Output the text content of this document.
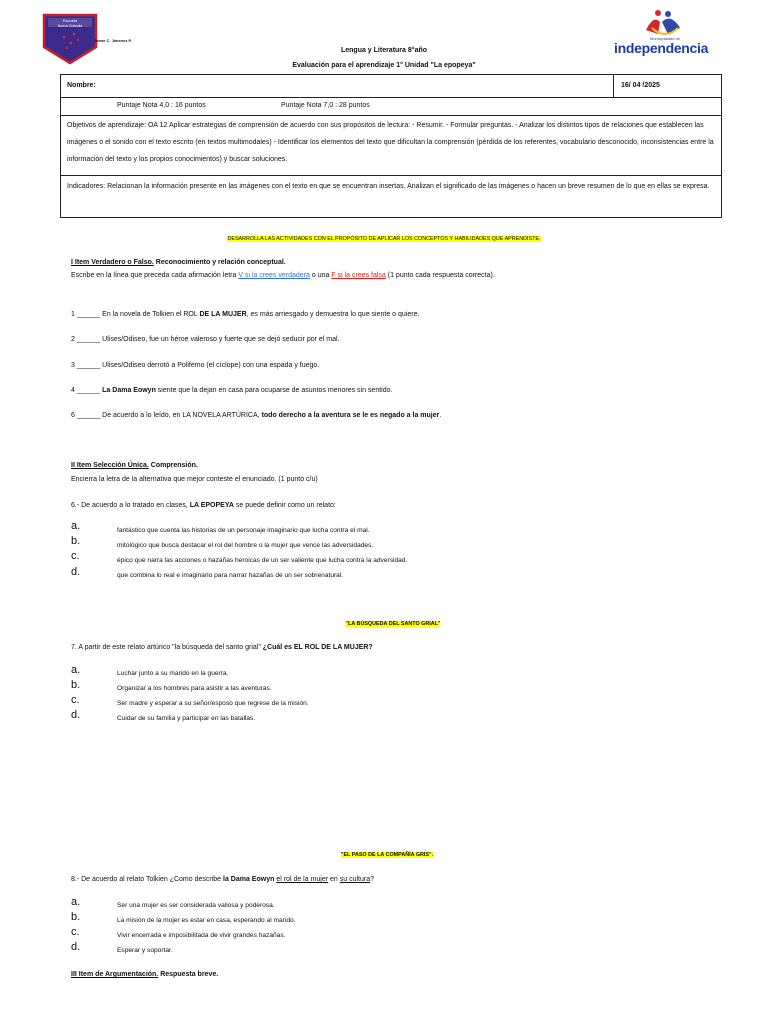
Escuela
Nueva Zelandia
Jaime C. Jimenez P.	Municipalidad de
independencia
Lengua y Literatura 8°año
Evaluación para el aprendizaje 1° Unidad "La epopeya"
Nombre:	16/ 04 /2025
Puntaje Nota 4,0 : 16 puntos	Puntaje Nota 7,0 : 28 puntos
Objetivos de aprendizaje: OA 12 Aplicar estrategias de comprensión de acuerdo con sus propósitos de lectura: - Resumir. - Formular preguntas. - Analizar los distintos tipos de relaciones que establecen las imágenes o el sonido con el texto escrito (en textos multimodales) - Identificar los elementos del texto que dificultan la comprensión (pérdida de los referentes, vocabulario desconocido, inconsistencias entre la información del texto y los propios conocimientos) y buscar soluciones.
Indicadores: Relacionan la información presente en las imágenes con el texto en que se encuentran insertas. Analizan el significado de las imágenes o hacen un breve resumen de lo que en ellas se expresa.
DESARROLLA LAS ACTIVIDADES CON EL PROPÓSITO DE APLICAR LOS CONCEPTOS Y HABILIDADES QUE APRENDISTE.
I Item Verdadero o Falso. Reconocimiento y relación conceptual.
Escribe en la línea que preceda cada afirmación letra V si la crees verdadera o una F si la crees falsa (1 punto cada respuesta correcta).
1 ______ En la novela de Tolkien el ROL DE LA MUJER, es más arriesgado y demuestra lo que siente o quiere.
2 ______ Ulises/Odiseo, fue un héroe valeroso y fuerte que se dejó seducir por el mal.
3 ______ Ulises/Odiseo derrotó a Polifemo (el cíclope) con una espada y fuego.
4 ______ La Dama Eowyn siente que la dejan en casa para ocuparse de asuntos menores sin sentido.
6 ______ De acuerdo a lo leído, en LA NOVELA ARTÚRICA, todo derecho a la aventura se le es negado a la mujer.
II Item Selección Única. Comprensión.
Encierra la letra de la alternativa que mejor conteste el enunciado. (1 punto c/u)
6.- De acuerdo a lo tratado en clases, LA EPOPEYA se puede definir como un relato:
a.	fantástico que cuenta las historias de un personaje imaginario que lucha contra el mal.
b.	mitológico que busca destacar el rol del hombre o la mujer que vence las adversidades.
c.	épico que narra las acciones o hazañas heroicas de un ser valiente que lucha contra la adversidad.
d.	que combina lo real e imaginario para narrar hazañas de un ser sobrenatural.
"LA BÚSQUEDA DEL SANTO GRIAL"
7. A partir de este relato artúrico "la búsqueda del santo grial" ¿Cuál es EL ROL DE LA MUJER?
a.	Luchar junto a su marido en la guerra.
b.	Organizar a los hombres para asistir a las aventuras.
c.	Ser madre y esperar a su señor/esposo que regrese de la misión.
d.	Cuidar de su familia y participar en las batallas.
"EL PASO DE LA COMPAÑÍA GRIS".
8.- De acuerdo al relato Tolkien ¿Como describe la Dama Eowyn el rol de la mujer en su cultura?
a.	Ser una mujer es ser considerada valiosa y poderosa.
b.	La misión de la mujer es estar en casa, esperando al marido.
c.	Vivir encerrada e imposibilitada de vivir grandes hazañas.
d.	Esperar y soportar.
III Item de Argumentación. Respuesta breve.
